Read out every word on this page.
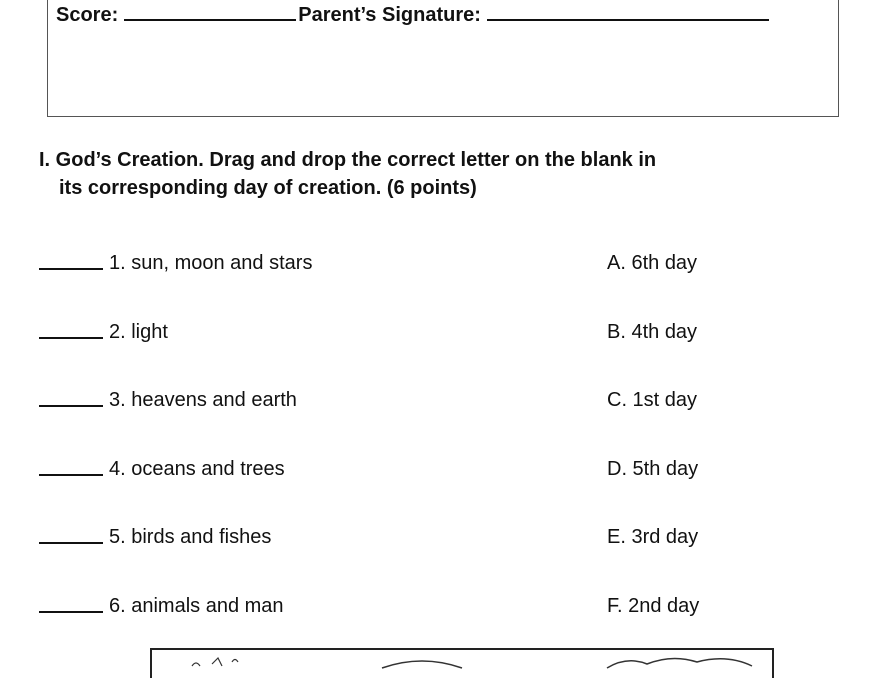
Score:	Parent’s Signature:
I. God’s Creation. Drag and drop the correct letter on the blank in
its corresponding day of creation. (6 points)
1. sun, moon and stars	A. 6th day
2. light	B. 4th day
3. heavens and earth	C. 1st day
4. oceans and trees	D. 5th day
5. birds and fishes	E. 3rd day
6. animals and man	F. 2nd day
